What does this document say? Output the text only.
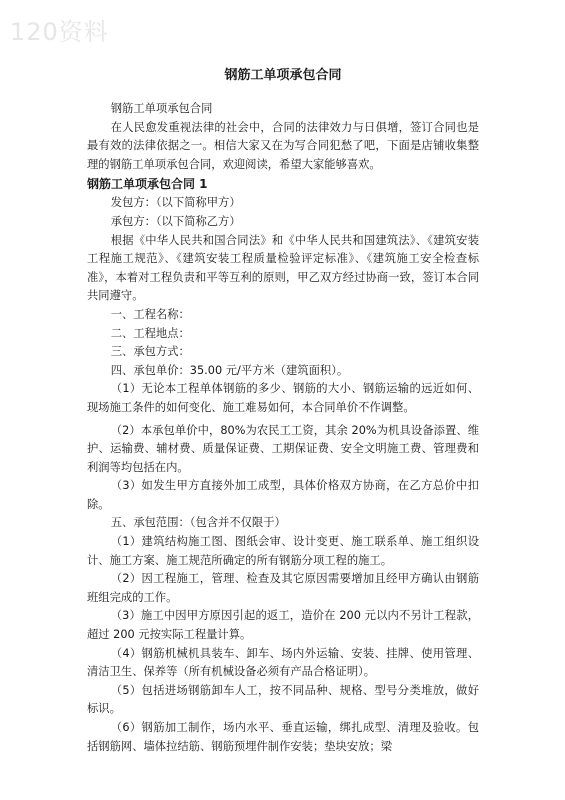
120资料
钢筋工单项承包合同

钢筋工单项承包合同

在人民愈发重视法律的社会中，合同的法律效力与日俱增，签订合同也是最有效的法律依据之一。相信大家又在为写合同犯愁了吧，下面是店铺收集整理的钢筋工单项承包合同，欢迎阅读，希望大家能够喜欢。

钢筋工单项承包合同 1

发包方：（以下简称甲方）

承包方：（以下简称乙方）

根据《中华人民共和国合同法》和《中华人民共和国建筑法》、《建筑安装工程施工规范》、《建筑安装工程质量检验评定标准》、《建筑施工安全检查标准》，本着对工程负责和平等互利的原则，甲乙双方经过协商一致，签订本合同共同遵守。

一、工程名称：

二、工程地点：

三、承包方式：

四、承包单价：35.00 元/平方米（建筑面积）。

（1）无论本工程单体钢筋的多少、钢筋的大小、钢筋运输的远近如何、现场施工条件的如何变化、施工难易如何，本合同单价不作调整。

（2）本承包单价中，80%为农民工工资，其余 20%为机具设备添置、维护、运输费、辅材费、质量保证费、工期保证费、安全文明施工费、管理费和利润等均包括在内。

（3）如发生甲方直接外加工成型，具体价格双方协商，在乙方总价中扣除。

五、承包范围：（包含并不仅限于）

（1）建筑结构施工图、图纸会审、设计变更、施工联系单、施工组织设计、施工方案、施工规范所确定的所有钢筋分项工程的施工。

（2）因工程施工，管理、检查及其它原因需要增加且经甲方确认由钢筋班组完成的工作。

（3）施工中因甲方原因引起的返工，造价在 200 元以内不另计工程款，超过 200 元按实际工程量计算。

（4）钢筋机械机具装车、卸车、场内外运输、安装、挂牌、使用管理、清洁卫生、保养等（所有机械设备必须有产品合格证明）。

（5）包括进场钢筋卸车人工，按不同品种、规格、型号分类堆放，做好标识。

（6）钢筋加工制作，场内水平、垂直运输，绑扎成型、清理及验收。包括钢筋网、墙体拉结筋、钢筋预埋件制作安装；垫块安放；梁
